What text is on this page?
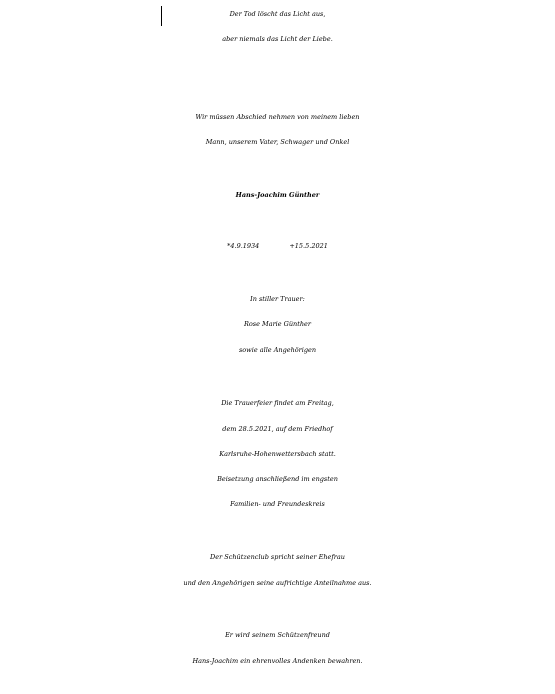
Der Tod löscht das Licht aus,
aber niemals das Licht der Liebe.
Wir müssen Abschied nehmen von meinem lieben
Mann, unserem Vater, Schwager und Onkel
Hans-Joachim Günther
*4.9.1934	+15.5.2021
In stiller Trauer:
Rose Marie Günther
sowie alle Angehörigen
Die Trauerfeier findet am Freitag,
dem 28.5.2021, auf dem Friedhof
Karlsruhe-Hohenwettersbach statt.
Beisetzung anschließend im engsten
Familien- und Freundeskreis
Der Schützenclub spricht seiner Ehefrau
und den Angehörigen seine aufrichtige Anteilnahme aus.
Er wird seinem Schützenfreund
Hans-Joachim ein ehrenvolles Andenken bewahren.
